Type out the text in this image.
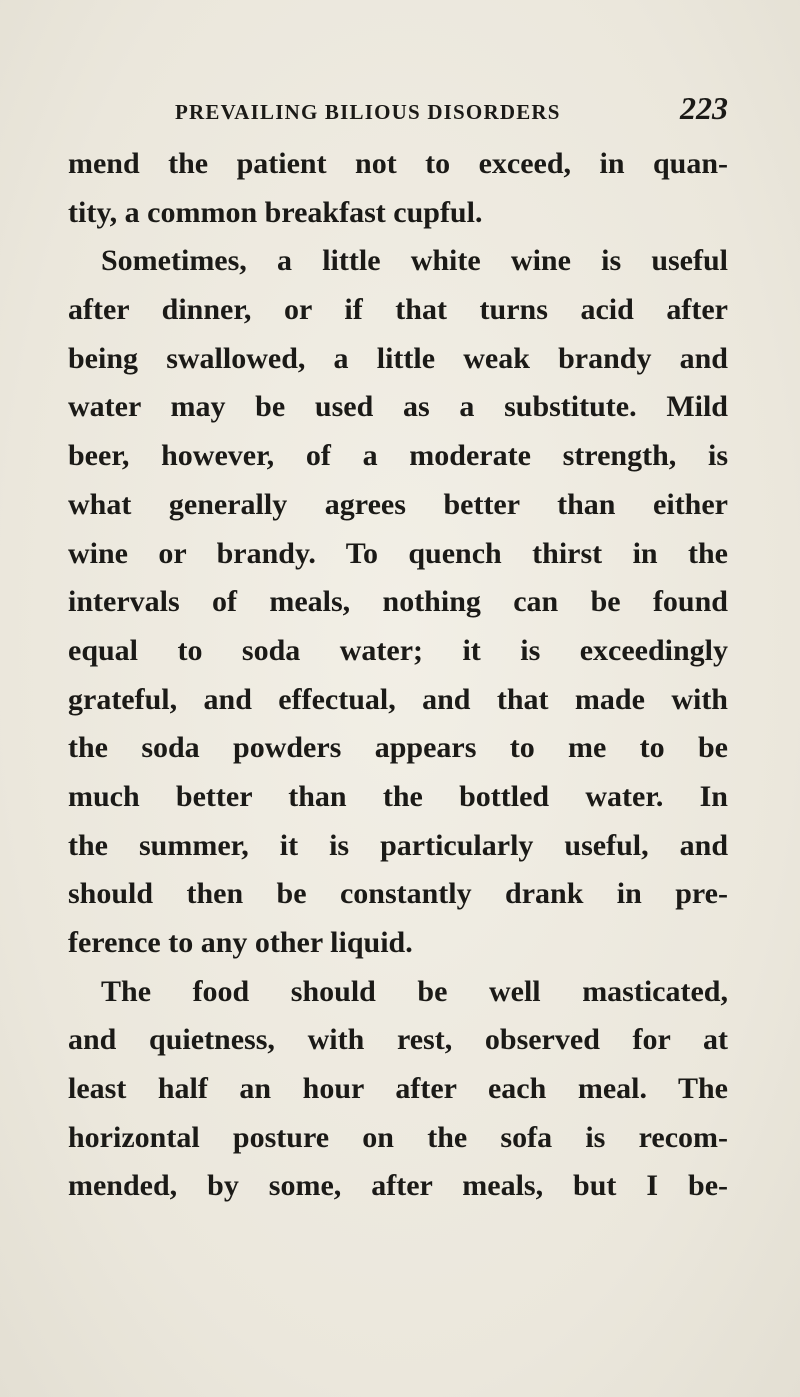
PREVAILING BILIOUS DISORDERS	223
mend the patient not to exceed, in quan-
tity, a common breakfast cupful.
Sometimes, a little white wine is useful
after dinner, or if that turns acid after
being swallowed, a little weak brandy and
water may be used as a substitute. Mild
beer, however, of a moderate strength, is
what generally agrees better than either
wine or brandy. To quench thirst in the
intervals of meals, nothing can be found
equal to soda water; it is exceedingly
grateful, and effectual, and that made with
the soda powders appears to me to be
much better than the bottled water. In
the summer, it is particularly useful, and
should then be constantly drank in pre-
ference to any other liquid.
The food should be well masticated,
and quietness, with rest, observed for at
least half an hour after each meal. The
horizontal posture on the sofa is recom-
mended, by some, after meals, but I be-
